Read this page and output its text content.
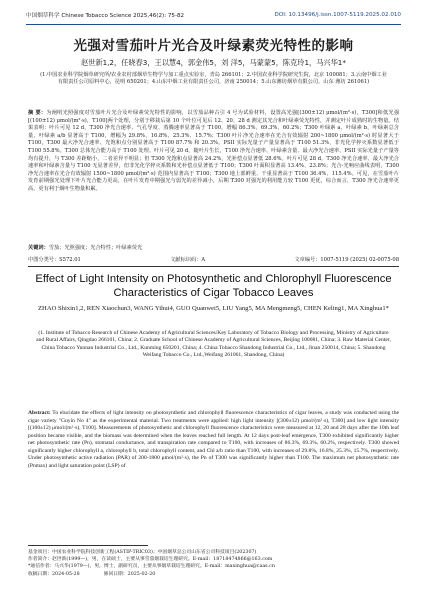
中国烟草科学 Chinese Tobacco Science 2025,46(2): 75-82	DOI: 10.13496/j.issn.1007-5119.2025.02.010
光强对雪茄叶片光合及叶绿素荧光特性的影响
赵世新1,2，任晓春3，王以慧4，郭金伟5，刘 洋5，马蒙蒙5，陈克玲1，马兴华1*
(1.中国农业科学院烟草研究所/农业农村部烟草生物学与加工重点实验室，青岛 266101；2.中国农业科学院研究生院，北京 100081；3.云南中烟工业有限责任公司原料中心，昆明 650201；4.山东中烟工业有限责任公司，济南 250014；5.山东潍坊烟草有限公司，山东 潍坊 261061)
摘 要：为阐明光照强度对雪茄叶片光合及叶绿素荧光特性的影响，以雪茄品种古引 4 号为试验材料，设置高光强[(300±12) μmol/(m²·s)，T300]和低光强[(100±12) μmol/(m²·s)，T100]两个处理，分别于移栽后第 10 个叶位可见后 12、20、28 d 测定其光合和叶绿素荧光特性，并测定叶片成熟时的生物量。结果表明：叶片可见 12 d，T300 净光合速率、气孔导度、蒸腾速率显著高于 T100，增幅 86.3%、69.3%、60.2%；T300 叶绿素 a、叶绿素 b、叶绿素总含量、叶绿素 a/b 显著高于 T100，增幅为 29.8%、16.8%、25.3%、15.7%；T300 叶片净光合速率在光合有效辐射 200~1800 μmol/(m²·s) 时显著大于 T100，T300 最大净光合速率、光饱和点分别显著高于 T100 87.7% 和 20.3%。PSII 实际光量子产量显著高于 T100 51.3%，非光化学猝灭系数显著低于 T100 55.8%。T300 总体光合能力高于 T100 处理。叶片可见 20 d，随叶片生长，T100 净光合速率、叶绿素含量、最大净光合速率、PSII 实际光量子产量等均有提升，与 T300 差距缩小，二者差异不明显；但 T300 光饱和点显著高 24.2%，光补偿点显著低 28.6%。叶片可见 28 d，T300 净光合速率、最大净光合速率和叶绿素含量与 T100 无显著差异，但非光化学猝灭系数和光补偿点显著低于 T100；T300 叶面积显著高 13.4%、23.8%；光合-光响应曲线表明，T300 净光合速率在光合有效辐射 1500~1800 μmol/(m²·s) 范围内显著高于 T100；T300 地上部鲜重、干重显著高于 T100 36.4%、115.4%。可见，在雪茄叶片发育前期强光处理下叶片光合能力更高，在叶片发育中期强光与弱光的差异减小，后期 T300 对强光的利用能力较 T100 更优，综合而言，T300 净光合速率更高，更有利于烟叶生物量积累。
关键词：雪茄；光照强度；光合特性；叶绿素荧光
中图分类号：S572.01	文献标识码：A	文章编号：1007-5119 (2025) 02-0075-08
Effect of Light Intensity on Photosynthetic and Chlorophyll Fluorescence Characteristics of Cigar Tobacco Leaves
ZHAO Shixin1,2, REN Xiaochun3, WANG Yihui4, GUO Quanwei5, LIU Yang5, MA Mengmeng5, CHEN Keling1, MA Xinghua1*
(1. Institute of Tobacco Research of Chinese Academy of Agricultural Sciences/Key Laboratory of Tobacco Biology and Processing, Ministry of Agriculture and Rural Affairs, Qingdao 266101, China; 2. Graduate School of Chinese Academy of Agricultural Sciences, Beijing 100081, China; 3. Raw Material Center, China Tobacco Yunnan Industrial Co., Ltd., Kunming 650201, China; 4. China Tobacco Shandong Industrial Co., Ltd., Jinan 250014, China; 5. Shandong Weifang Tobacco Co., Ltd.,Weifang 261061, Shandong, China)
Abstract: To elucidate the effects of light intensity on photosynthetic and chlorophyll fluorescence characteristics of cigar leaves, a study was conducted using the cigar variety "Guyin No 4" as the experimental material. Two treatments were applied: high light intensity [(300±12) μmol/(m²·s), T300] and low light intensity [(100±12) μmol/(m²·s), T100]. Measurements of photosynthetic and chlorophyll fluorescence characteristics were measured at 12, 20 and 28 days after the 10th leaf position became visible, and the biomass was determined when the leaves reached full length. At 12 days post-leaf emergence, T300 exhibited significantly higher net photosynthetic rate (Pn), stomatal conductance, and transpiration rate compared to T100, with increases of 86.3%, 69.3%, 60.2%, respectively. T300 showed significantly higher chlorophyll a, chlorophyll b, total chlorophyll content, and Chl a/b ratio than T100, with increases of 29.8%, 16.8%, 25.3%, 15.7%, respectively. Under photosynthetic active radiation (PAR) of 200-1800 μmol/(m²·s), the Pn of T300 was significantly higher than T100. The maximum net photosynthetic rate (Pnmax) and light saturation point (LSP) of
基金项目：中国农业科学院科技创新工程(ASTIP-TRIC03)；中国烟草总公司山东省公司科技项目(202307)
作者简介：赵世新(1999—)，男，在读硕士，主要从事雪茄烟栽培生理研究。E-mail：18718474866@163.com
*通信作者：马兴华(1979—)，男，博士，副研究员，主要从事烟草栽培生理研究。E-mail：maxinghua@caas.cn
收稿日期：2024-05-28	修回日期：2025-02-20
